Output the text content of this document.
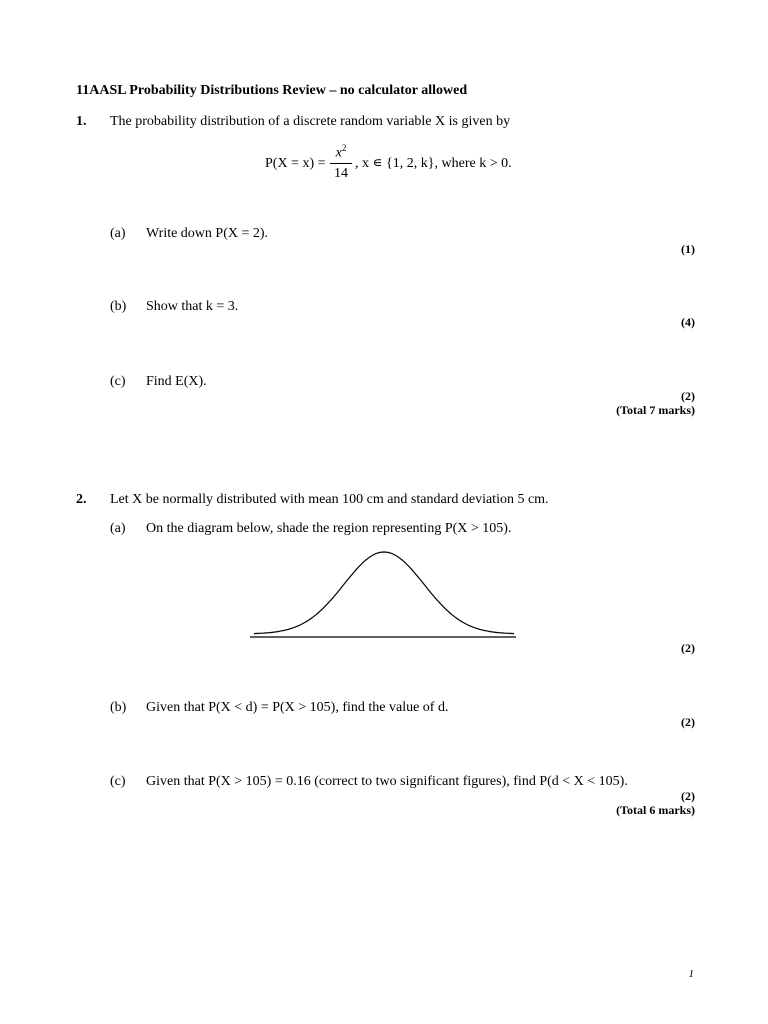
11AASL Probability Distributions Review – no calculator allowed
1. The probability distribution of a discrete random variable X is given by
P(X = x) =
$x^2$
14
, x ∊ {1, 2, k}, where k > 0.
(a) Write down P(X = 2).
(1)
(b) Show that k = 3.
(4)
(c) Find E(X).
(2)
(Total 7 marks)
2. Let X be normally distributed with mean 100 cm and standard deviation 5 cm.
(a) On the diagram below, shade the region representing P(X > 105).
(2)
(b) Given that P(X < d) = P(X > 105), find the value of d.
(2)
(c) Given that P(X > 105) = 0.16 (correct to two significant figures), find P(d < X < 105).
(2)
(Total 6 marks)
1
